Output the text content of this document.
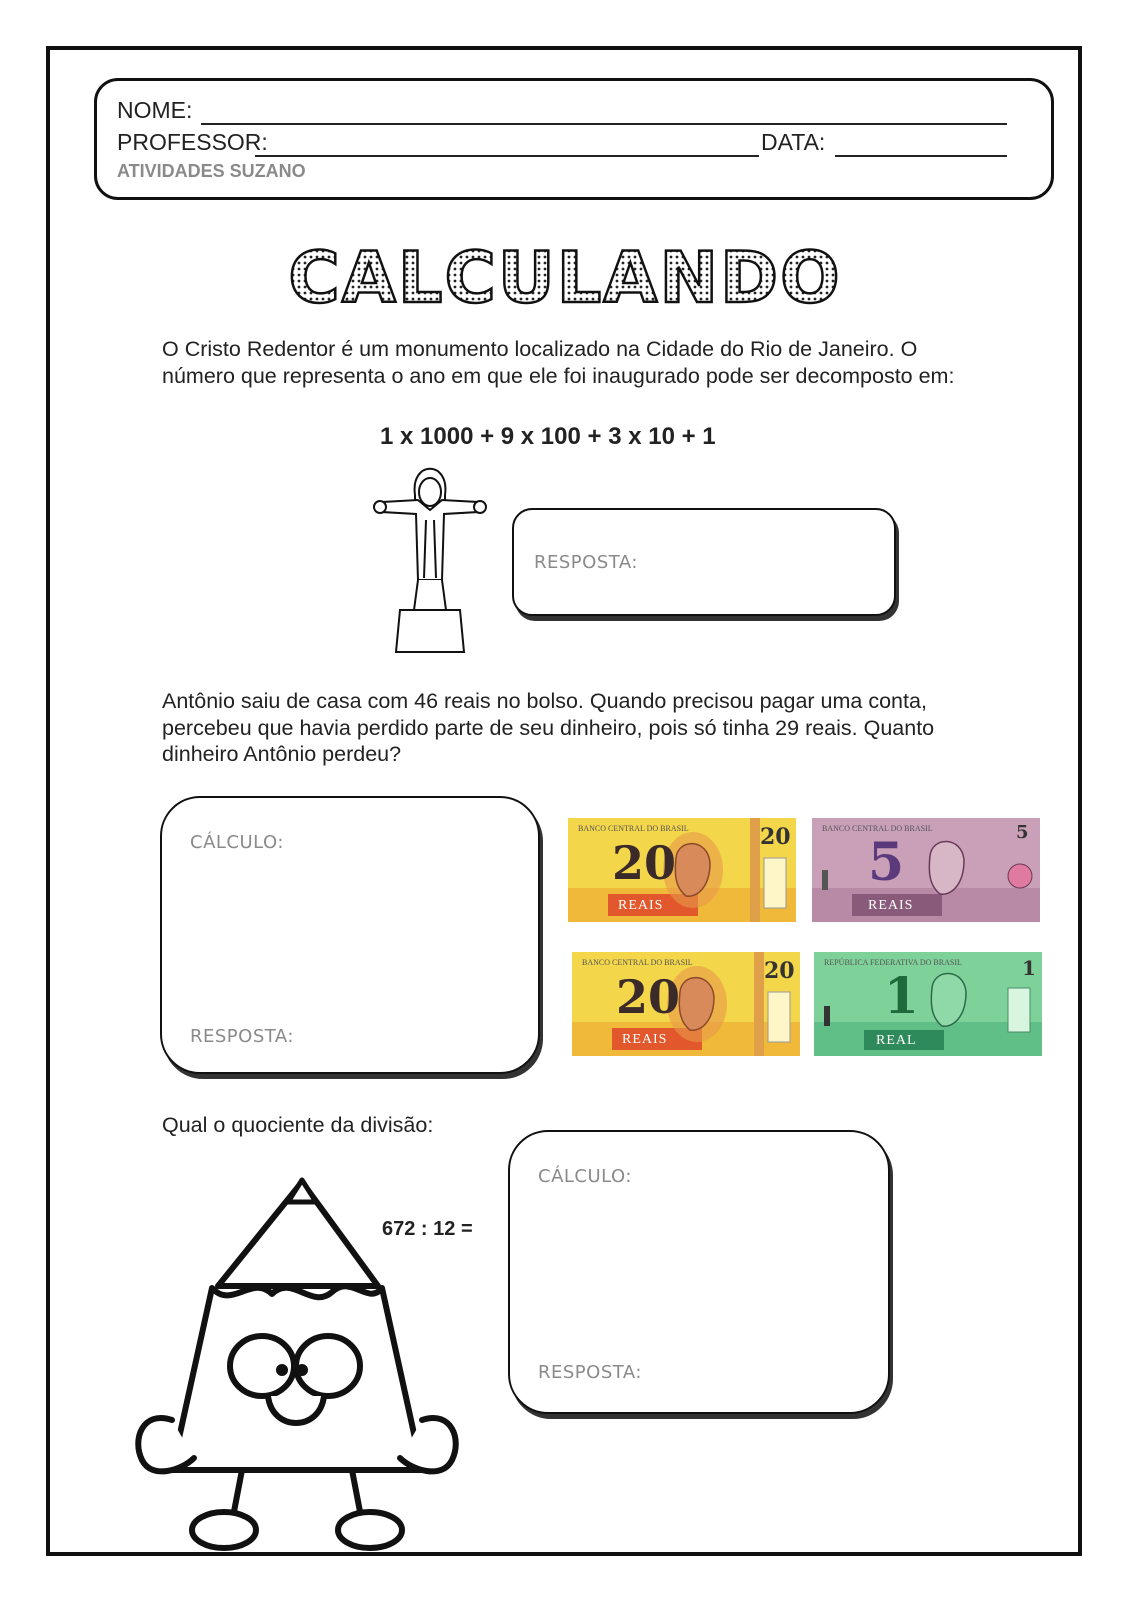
NOME:
PROFESSOR:	DATA:
ATIVIDADES SUZANO
CALCULANDO
O Cristo Redentor é um monumento localizado na Cidade do Rio de Janeiro. O número que representa o ano em que ele foi inaugurado pode ser decomposto em:
1 x 1000 + 9 x 100 + 3 x 10 + 1
RESPOSTA:
Antônio saiu de casa com 46 reais no bolso. Quando precisou pagar uma conta, percebeu que havia perdido parte de seu dinheiro, pois só tinha 29 reais. Quanto dinheiro Antônio perdeu?
CÁLCULO:
RESPOSTA:
BANCO CENTRAL DO BRASIL
20
REAIS
20	BANCO CENTRAL DO BRASIL
5
REAIS
5
BANCO CENTRAL DO BRASIL
20
REAIS
20	REPÚBLICA FEDERATIVA DO BRASIL
1
REAL
1
Qual o quociente da divisão:
672 : 12 =
CÁLCULO:
RESPOSTA:
